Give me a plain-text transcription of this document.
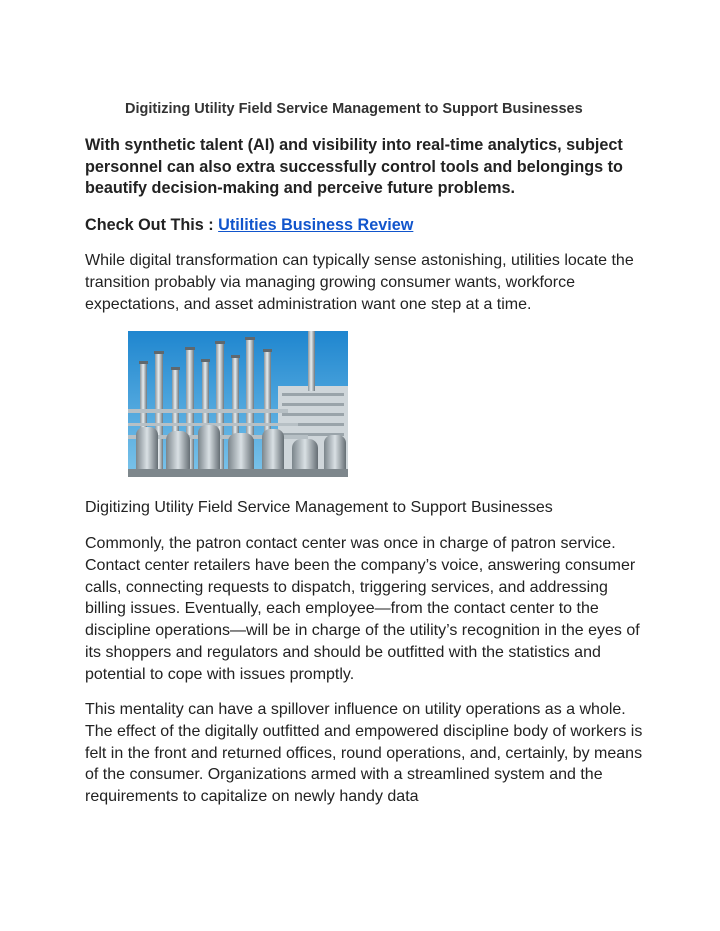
Digitizing Utility Field Service Management to Support Businesses

With synthetic talent (AI) and visibility into real-time analytics, subject personnel can also extra successfully control tools and belongings to beautify decision-making and perceive future problems.

Check Out This : Utilities Business Review

While digital transformation can typically sense astonishing, utilities locate the transition probably via managing growing consumer wants, workforce expectations, and asset administration want one step at a time.

Digitizing Utility Field Service Management to Support Businesses

Commonly, the patron contact center was once in charge of patron service. Contact center retailers have been the company’s voice, answering consumer calls, connecting requests to dispatch, triggering services, and addressing billing issues. Eventually, each employee—from the contact center to the discipline operations—will be in charge of the utility’s recognition in the eyes of its shoppers and regulators and should be outfitted with the statistics and potential to cope with issues promptly.

This mentality can have a spillover influence on utility operations as a whole. The effect of the digitally outfitted and empowered discipline body of workers is felt in the front and returned offices, round operations, and, certainly, by means of the consumer. Organizations armed with a streamlined system and the requirements to capitalize on newly handy data
